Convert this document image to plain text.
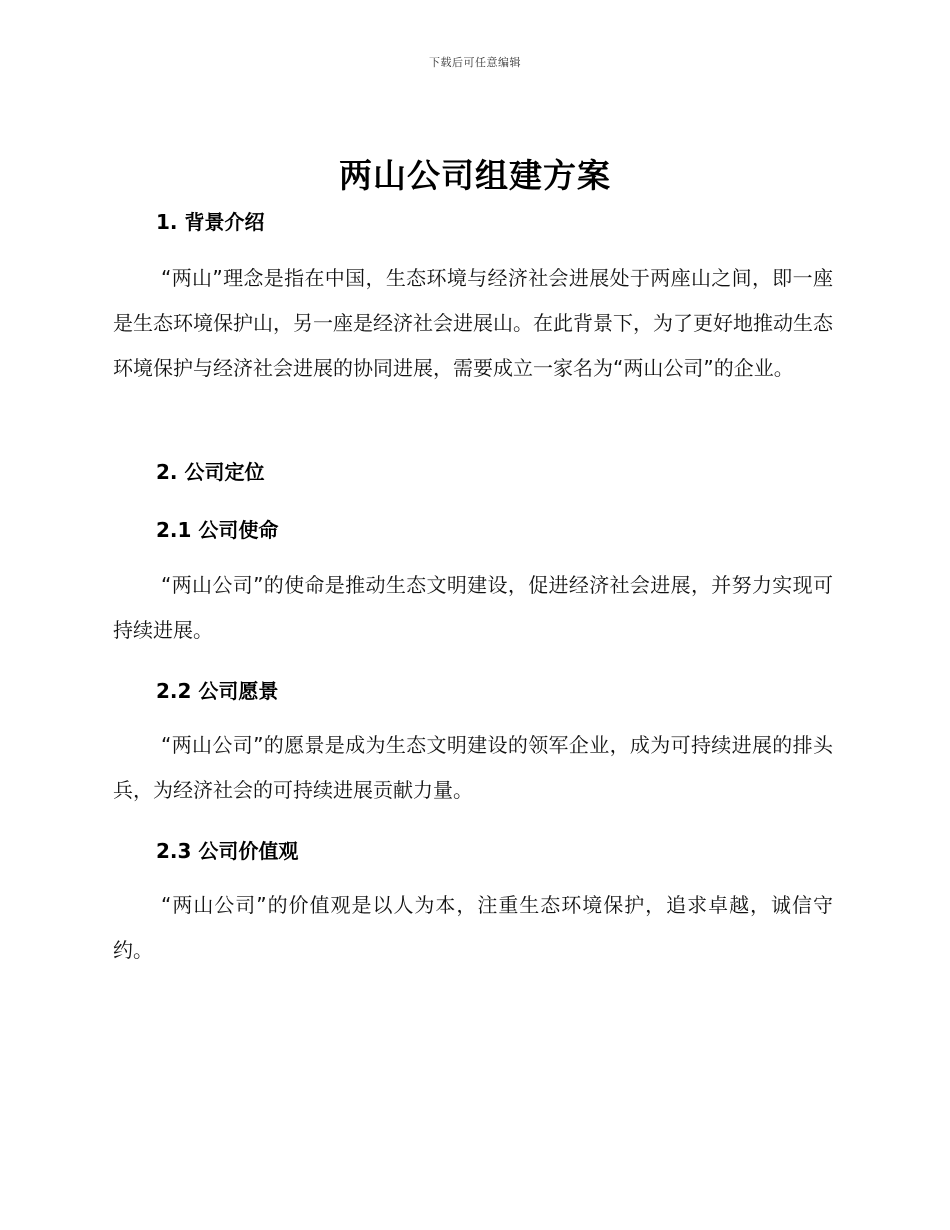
下载后可任意编辑
两山公司组建方案
1. 背景介绍
“两山”理念是指在中国，生态环境与经济社会进展处于两座山之间，即一座是生态环境保护山，另一座是经济社会进展山。在此背景下，为了更好地推动生态环境保护与经济社会进展的协同进展，需要成立一家名为“两山公司”的企业。
2. 公司定位
2.1 公司使命
“两山公司”的使命是推动生态文明建设，促进经济社会进展，并努力实现可持续进展。
2.2 公司愿景
“两山公司”的愿景是成为生态文明建设的领军企业，成为可持续进展的排头兵，为经济社会的可持续进展贡献力量。
2.3 公司价值观
“两山公司”的价值观是以人为本，注重生态环境保护，追求卓越，诚信守约。
